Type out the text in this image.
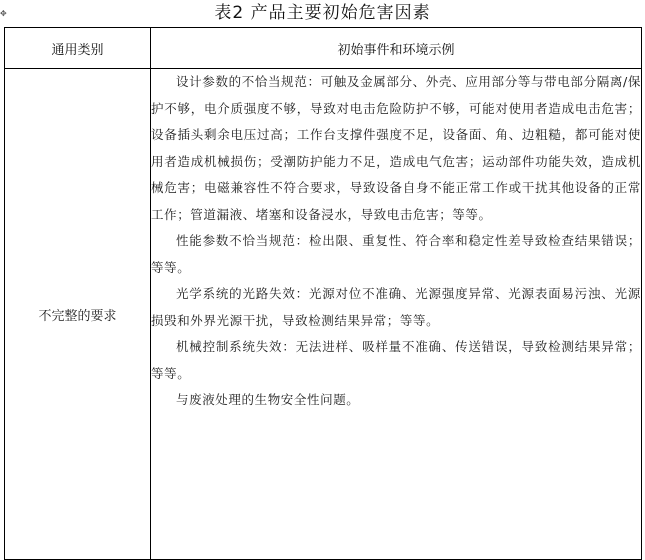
✥	表2 产品主要初始危害因素
通用类别	初始事件和环境示例
不完整的要求	设计参数的不恰当规范：可触及金属部分、外壳、应用部分等与带电部分隔离/保护不够，电介质强度不够，导致对电击危险防护不够，可能对使用者造成电击危害；设备插头剩余电压过高；工作台支撑件强度不足，设备面、角、边粗糙，都可能对使用者造成机械损伤；受潮防护能力不足，造成电气危害；运动部件功能失效，造成机械危害；电磁兼容性不符合要求，导致设备自身不能正常工作或干扰其他设备的正常工作；管道漏液、堵塞和设备浸水，导致电击危害；等等。

性能参数不恰当规范：检出限、重复性、符合率和稳定性差导致检查结果错误；等等。

光学系统的光路失效：光源对位不准确、光源强度异常、光源表面易污浊、光源损毁和外界光源干扰，导致检测结果异常；等等。

机械控制系统失效：无法进样、吸样量不准确、传送错误，导致检测结果异常；等等。

与废液处理的生物安全性问题。
